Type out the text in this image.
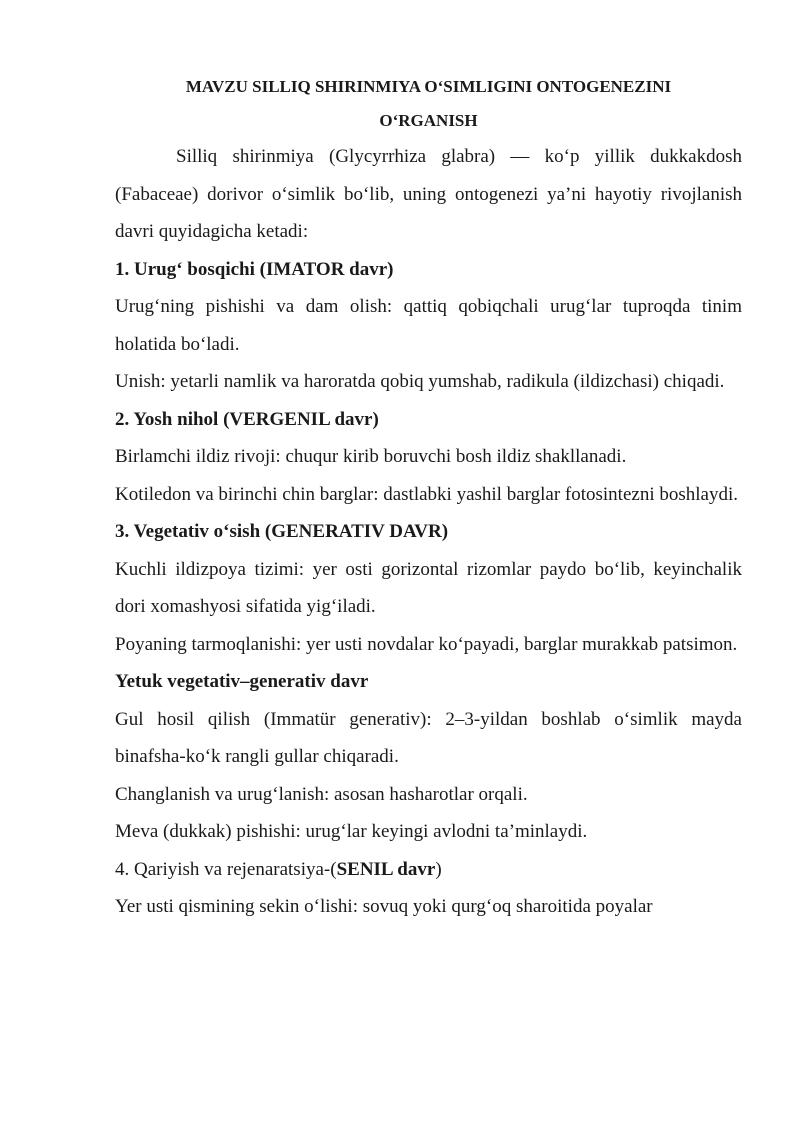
MAVZU SILLIQ SHIRINMIYA O‘SIMLIGINI ONTOGENEZINI

O‘RGANISH

Silliq shirinmiya (Glycyrrhiza glabra) — ko‘p yillik dukkakdosh (Fabaceae) dorivor o‘simlik bo‘lib, uning ontogenezi ya’ni hayotiy rivojlanish davri quyidagicha ketadi:

1. Urug‘ bosqichi (IMATOR davr)

Urug‘ning pishishi va dam olish: qattiq qobiqchali urug‘lar tuproqda tinim holatida bo‘ladi.

Unish: yetarli namlik va haroratda qobiq yumshab, radikula (ildizchasi) chiqadi.

2. Yosh nihol (VERGENIL davr)

Birlamchi ildiz rivoji: chuqur kirib boruvchi bosh ildiz shakllanadi.

Kotiledon va birinchi chin barglar: dastlabki yashil barglar fotosintezni boshlaydi.

3. Vegetativ o‘sish (GENERATIV DAVR)

Kuchli ildizpoya tizimi: yer osti gorizontal rizomlar paydo bo‘lib, keyinchalik dori xomashyosi sifatida yig‘iladi.

Poyaning tarmoqlanishi: yer usti novdalar ko‘payadi, barglar murakkab patsimon.

Yetuk vegetativ–generativ davr

Gul hosil qilish (Immatür generativ): 2–3-yildan boshlab o‘simlik mayda binafsha-ko‘k rangli gullar chiqaradi.

Changlanish va urug‘lanish: asosan hasharotlar orqali.

Meva (dukkak) pishishi: urug‘lar keyingi avlodni ta’minlaydi.

4. Qariyish va rejenaratsiya-(SENIL davr)

Yer usti qismining sekin o‘lishi: sovuq yoki qurg‘oq sharoitida poyalar
